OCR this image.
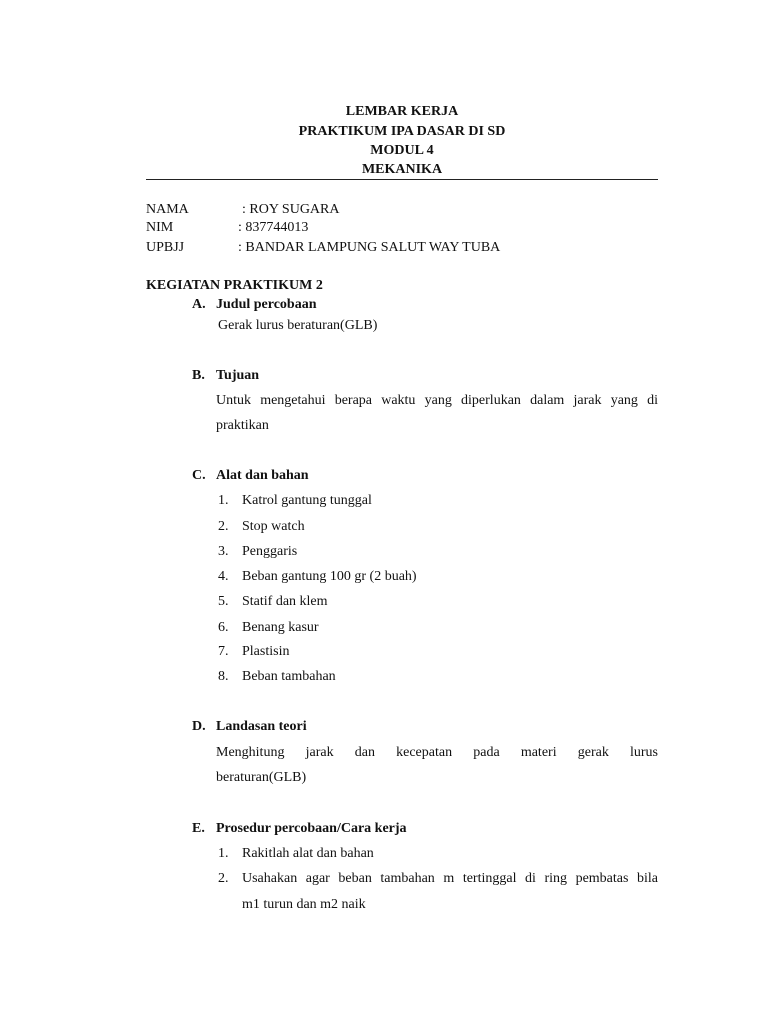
LEMBAR KERJA
PRAKTIKUM IPA DASAR DI SD
MODUL 4
MEKANIKA
NAMA	: ROY SUGARA
NIM	: 837744013
UPBJJ	: BANDAR LAMPUNG SALUT WAY TUBA
KEGIATAN PRAKTIKUM 2
A. Judul percobaan
Gerak lurus beraturan(GLB)
B. Tujuan
Untuk mengetahui berapa waktu yang diperlukan dalam jarak yang di
praktikan
C. Alat dan bahan
1. Katrol gantung tunggal
2. Stop watch
3. Penggaris
4. Beban gantung 100 gr (2 buah)
5. Statif dan klem
6. Benang kasur
7. Plastisin
8. Beban tambahan
D. Landasan teori
Menghitung jarak dan kecepatan pada materi gerak lurus
beraturan(GLB)
E. Prosedur percobaan/Cara kerja
1. Rakitlah alat dan bahan
2. Usahakan agar beban tambahan m tertinggal di ring pembatas bila
m1 turun dan m2 naik
